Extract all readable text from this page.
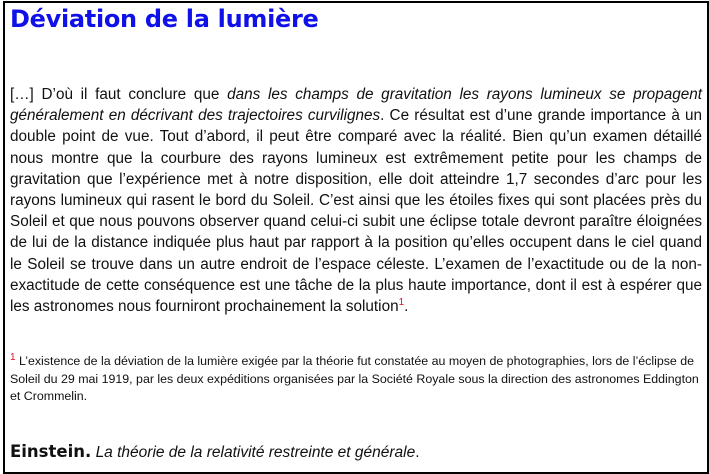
Déviation de la lumière

[…] D’où il faut conclure que dans les champs de gravitation les rayons lumineux se propagent généralement en décrivant des trajectoires curvilignes. Ce résultat est d’une grande importance à un double point de vue. Tout d’abord, il peut être comparé avec la réalité. Bien qu’un examen détaillé nous montre que la courbure des rayons lumineux est extrêmement petite pour les champs de gravitation que l’expérience met à notre disposition, elle doit atteindre 1,7 secondes d’arc pour les rayons lumineux qui rasent le bord du Soleil. C’est ainsi que les étoiles fixes qui sont placées près du Soleil et que nous pouvons observer quand celui-ci subit une éclipse totale devront paraître éloignées de lui de la distance indiquée plus haut par rapport à la position qu’elles occupent dans le ciel quand le Soleil se trouve dans un autre endroit de l’espace céleste. L’examen de l’exactitude ou de la non-exactitude de cette conséquence est une tâche de la plus haute importance, dont il est à espérer que les astronomes nous fourniront prochainement la solution$^1$.

$^1$ L’existence de la déviation de la lumière exigée par la théorie fut constatée au moyen de photographies, lors de l’éclipse de Soleil du 29 mai 1919, par les deux expéditions organisées par la Société Royale sous la direction des astronomes Eddington et Crommelin.

Einstein. La théorie de la relativité restreinte et générale.
